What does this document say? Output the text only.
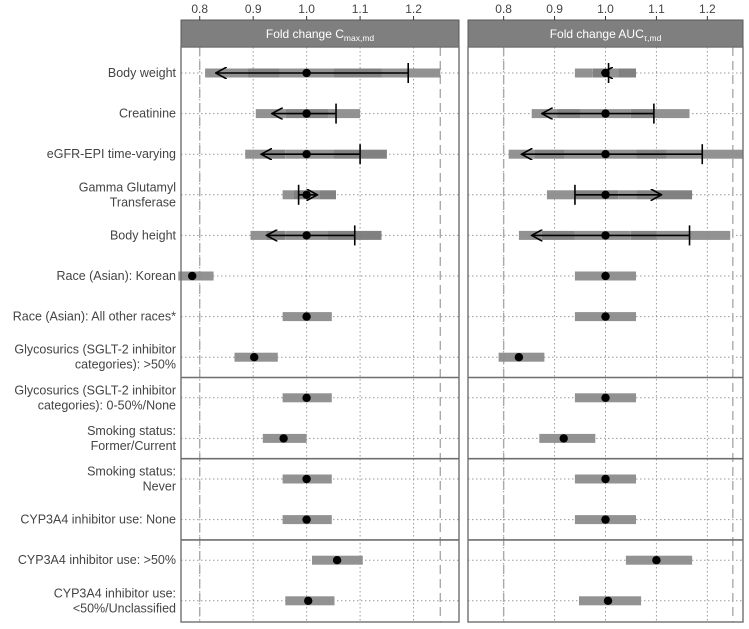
Fold change $C_{max,md}$
0.8	0.9	1.0	1.1	1.2
Fold change $AUC_{\tau,md}$
0.8	0.9	1.0	1.1	1.2
Body weight
Creatinine
eGFR-EPI time-varying
Gamma Glutamyl Transferase
Body height
Race (Asian): Korean
Race (Asian): All other races*
Glycosurics (SGLT-2 inhibitor categories): >50%
Glycosurics (SGLT-2 inhibitor categories): 0-50%/None
Smoking status: Former/Current
Smoking status: Never
CYP3A4 inhibitor use: None
CYP3A4 inhibitor use: >50%
CYP3A4 inhibitor use: <50%/Unclassified
